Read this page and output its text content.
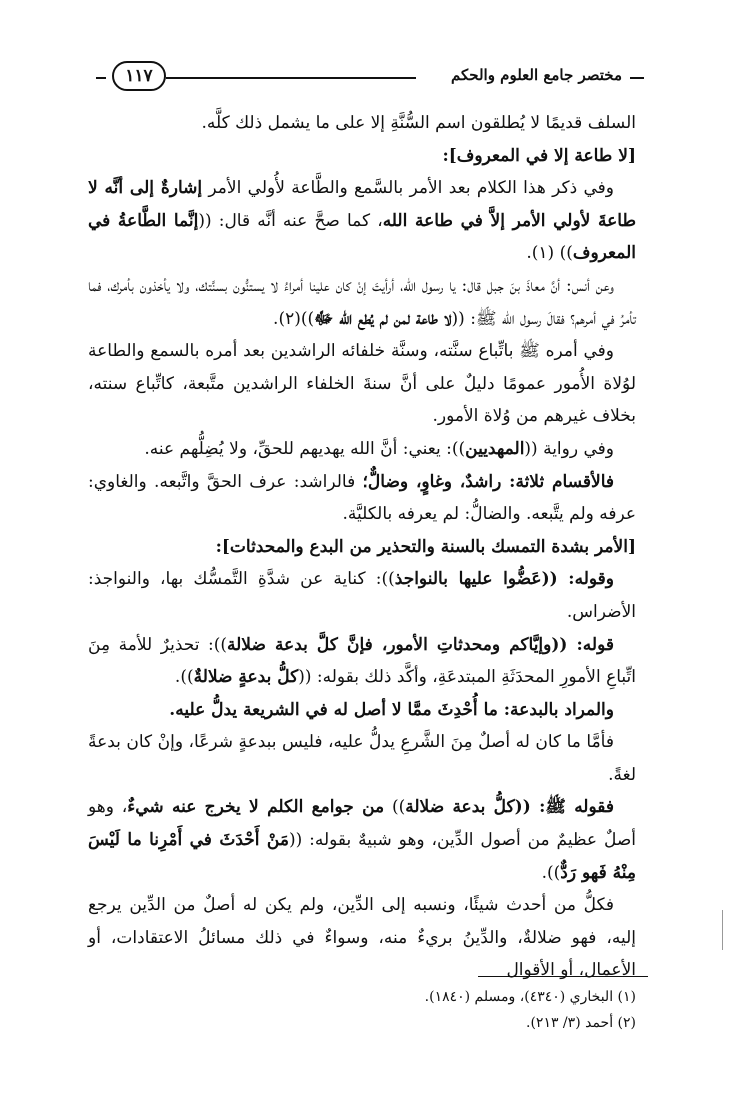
مختصر جامع العلوم والحكم
١١٧

السلف قديمًا لا يُطلقون اسم السُّنَّةِ إلا على ما يشمل ذلك كلَّه.

[لا طاعة إلا في المعروف]:

وفي ذكر هذا الكلام بعد الأمر بالسَّمع والطَّاعة لأُولي الأمر إشارةٌ إلى أنَّه لا طاعةَ لأولي الأمر إلاَّ في طاعة الله، كما صحَّ عنه أنَّه قال: ((إنَّما الطَّاعةُ في المعروف)) (١).

وعن أنس: أنَّ معاذَ بنَ جبل قال: يا رسول الله، أرأيتَ إنْ كان علينا أمراءُ لا يستنُّون بسنَّتك، ولا يأخذون بأمرك، فما تأمرُ في أمرهم؟ فقالَ رسول الله ﷺ: ((لا طاعة لمن لم يُطع الله ﷻ))(٢).

وفي أمره ﷺ باتِّباع سنَّته، وسنَّة خلفائه الراشدين بعد أمره بالسمع والطاعة لوُلاة الأُمور عمومًا دليلٌ على أنَّ سنةَ الخلفاء الراشدين متَّبعة، كاتِّباع سنته، بخلاف غيرهم من وُلاة الأمور.

وفي رواية ((المهديين)): يعني: أنَّ الله يهديهم للحقِّ، ولا يُضِلُّهم عنه.

فالأقسام ثلاثة: راشدٌ، وغاوٍ، وضالٌّ؛ فالراشد: عرف الحقَّ واتَّبعه. والغاوي: عرفه ولم يتَّبعه. والضالُّ: لم يعرفه بالكليَّة.

[الأمر بشدة التمسك بالسنة والتحذير من البدع والمحدثات]:

وقوله: ((عَضُّوا عليها بالنواجذ)): كناية عن شدَّةِ التَّمسُّك بها، والنواجذ: الأضراس.

قوله: ((وإيَّاكم ومحدثاتِ الأمور، فإنَّ كلَّ بدعة ضلالة)): تحذيرٌ للأمة مِنَ اتِّباعِ الأمورِ المحدَثَةِ المبتدعَةِ، وأكَّد ذلك بقوله: ((كلُّ بدعةٍ ضلالةٌ)).

والمراد بالبدعة: ما أُحْدِثَ ممَّا لا أصل له في الشريعة يدلُّ عليه.

فأمَّا ما كان له أصلٌ مِنَ الشَّرعِ يدلُّ عليه، فليس ببدعةٍ شرعًا، وإنْ كان بدعةً لغةً.

فقوله ﷺ: ((كلُّ بدعة ضلالة)) من جوامع الكلم لا يخرج عنه شيءٌ، وهو أصلٌ عظيمٌ من أصول الدِّين، وهو شبيهٌ بقوله: ((مَنْ أَحْدَثَ في أَمْرِنا ما لَيْسَ مِنْهُ فَهو رَدٌّ)).

فكلُّ من أحدث شيئًا، ونسبه إلى الدِّين، ولم يكن له أصلٌ من الدِّين يرجع إليه، فهو ضلالةٌ، والدِّينُ بريءٌ منه، وسواءٌ في ذلك مسائلُ الاعتقادات، أو الأعمال، أو الأقوال

(١) البخاري (٤٣٤٠)، ومسلم (١٨٤٠).

(٢) أحمد (٣/ ٢١٣).
